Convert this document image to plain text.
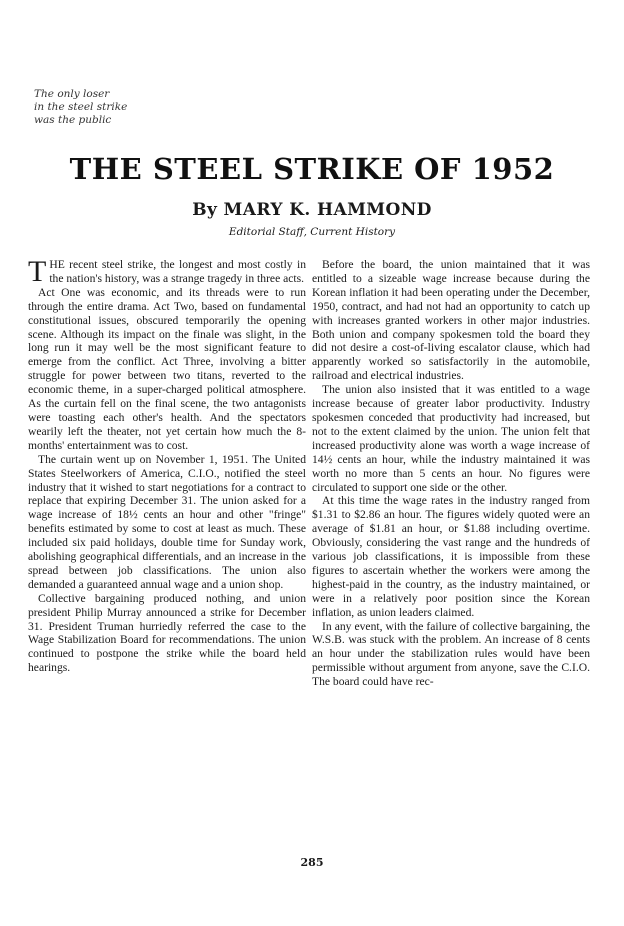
The only loser
in the steel strike
was the public
THE STEEL STRIKE OF 1952
By MARY K. HAMMOND
Editorial Staff, Current History

THE recent steel strike, the longest and most costly in the nation's history, was a strange tragedy in three acts.

Act One was economic, and its threads were to run through the entire drama. Act Two, based on fundamental constitutional issues, obscured temporarily the opening scene. Although its impact on the finale was slight, in the long run it may well be the most significant feature to emerge from the conflict. Act Three, involving a bitter struggle for power between two titans, reverted to the economic theme, in a super-charged political atmosphere. As the curtain fell on the final scene, the two antagonists were toasting each other's health. And the spectators wearily left the theater, not yet certain how much the 8-months' entertainment was to cost.

The curtain went up on November 1, 1951. The United States Steelworkers of America, C.I.O., notified the steel industry that it wished to start negotiations for a contract to replace that expiring December 31. The union asked for a wage increase of 18½ cents an hour and other "fringe" benefits estimated by some to cost at least as much. These included six paid holidays, double time for Sunday work, abolishing geographical differentials, and an increase in the spread between job classifications. The union also demanded a guaranteed annual wage and a union shop.

Collective bargaining produced nothing, and union president Philip Murray announced a strike for December 31. President Truman hurriedly referred the case to the Wage Stabilization Board for recommendations. The union continued to postpone the strike while the board held hearings.

Before the board, the union maintained that it was entitled to a sizeable wage increase because during the Korean inflation it had been operating under the December, 1950, contract, and had not had an opportunity to catch up with increases granted workers in other major industries. Both union and company spokesmen told the board they did not desire a cost-of-living escalator clause, which had apparently worked so satisfactorily in the automobile, railroad and electrical industries.

The union also insisted that it was entitled to a wage increase because of greater labor productivity. Industry spokesmen conceded that productivity had increased, but not to the extent claimed by the union. The union felt that increased productivity alone was worth a wage increase of 14½ cents an hour, while the industry maintained it was worth no more than 5 cents an hour. No figures were circulated to support one side or the other.

At this time the wage rates in the industry ranged from $1.31 to $2.86 an hour. The figures widely quoted were an average of $1.81 an hour, or $1.88 including overtime. Obviously, considering the vast range and the hundreds of various job classifications, it is impossible from these figures to ascertain whether the workers were among the highest-paid in the country, as the industry maintained, or were in a relatively poor position since the Korean inflation, as union leaders claimed.

In any event, with the failure of collective bargaining, the W.S.B. was stuck with the problem. An increase of 8 cents an hour under the stabilization rules would have been permissible without argument from anyone, save the C.I.O. The board could have rec-

285
